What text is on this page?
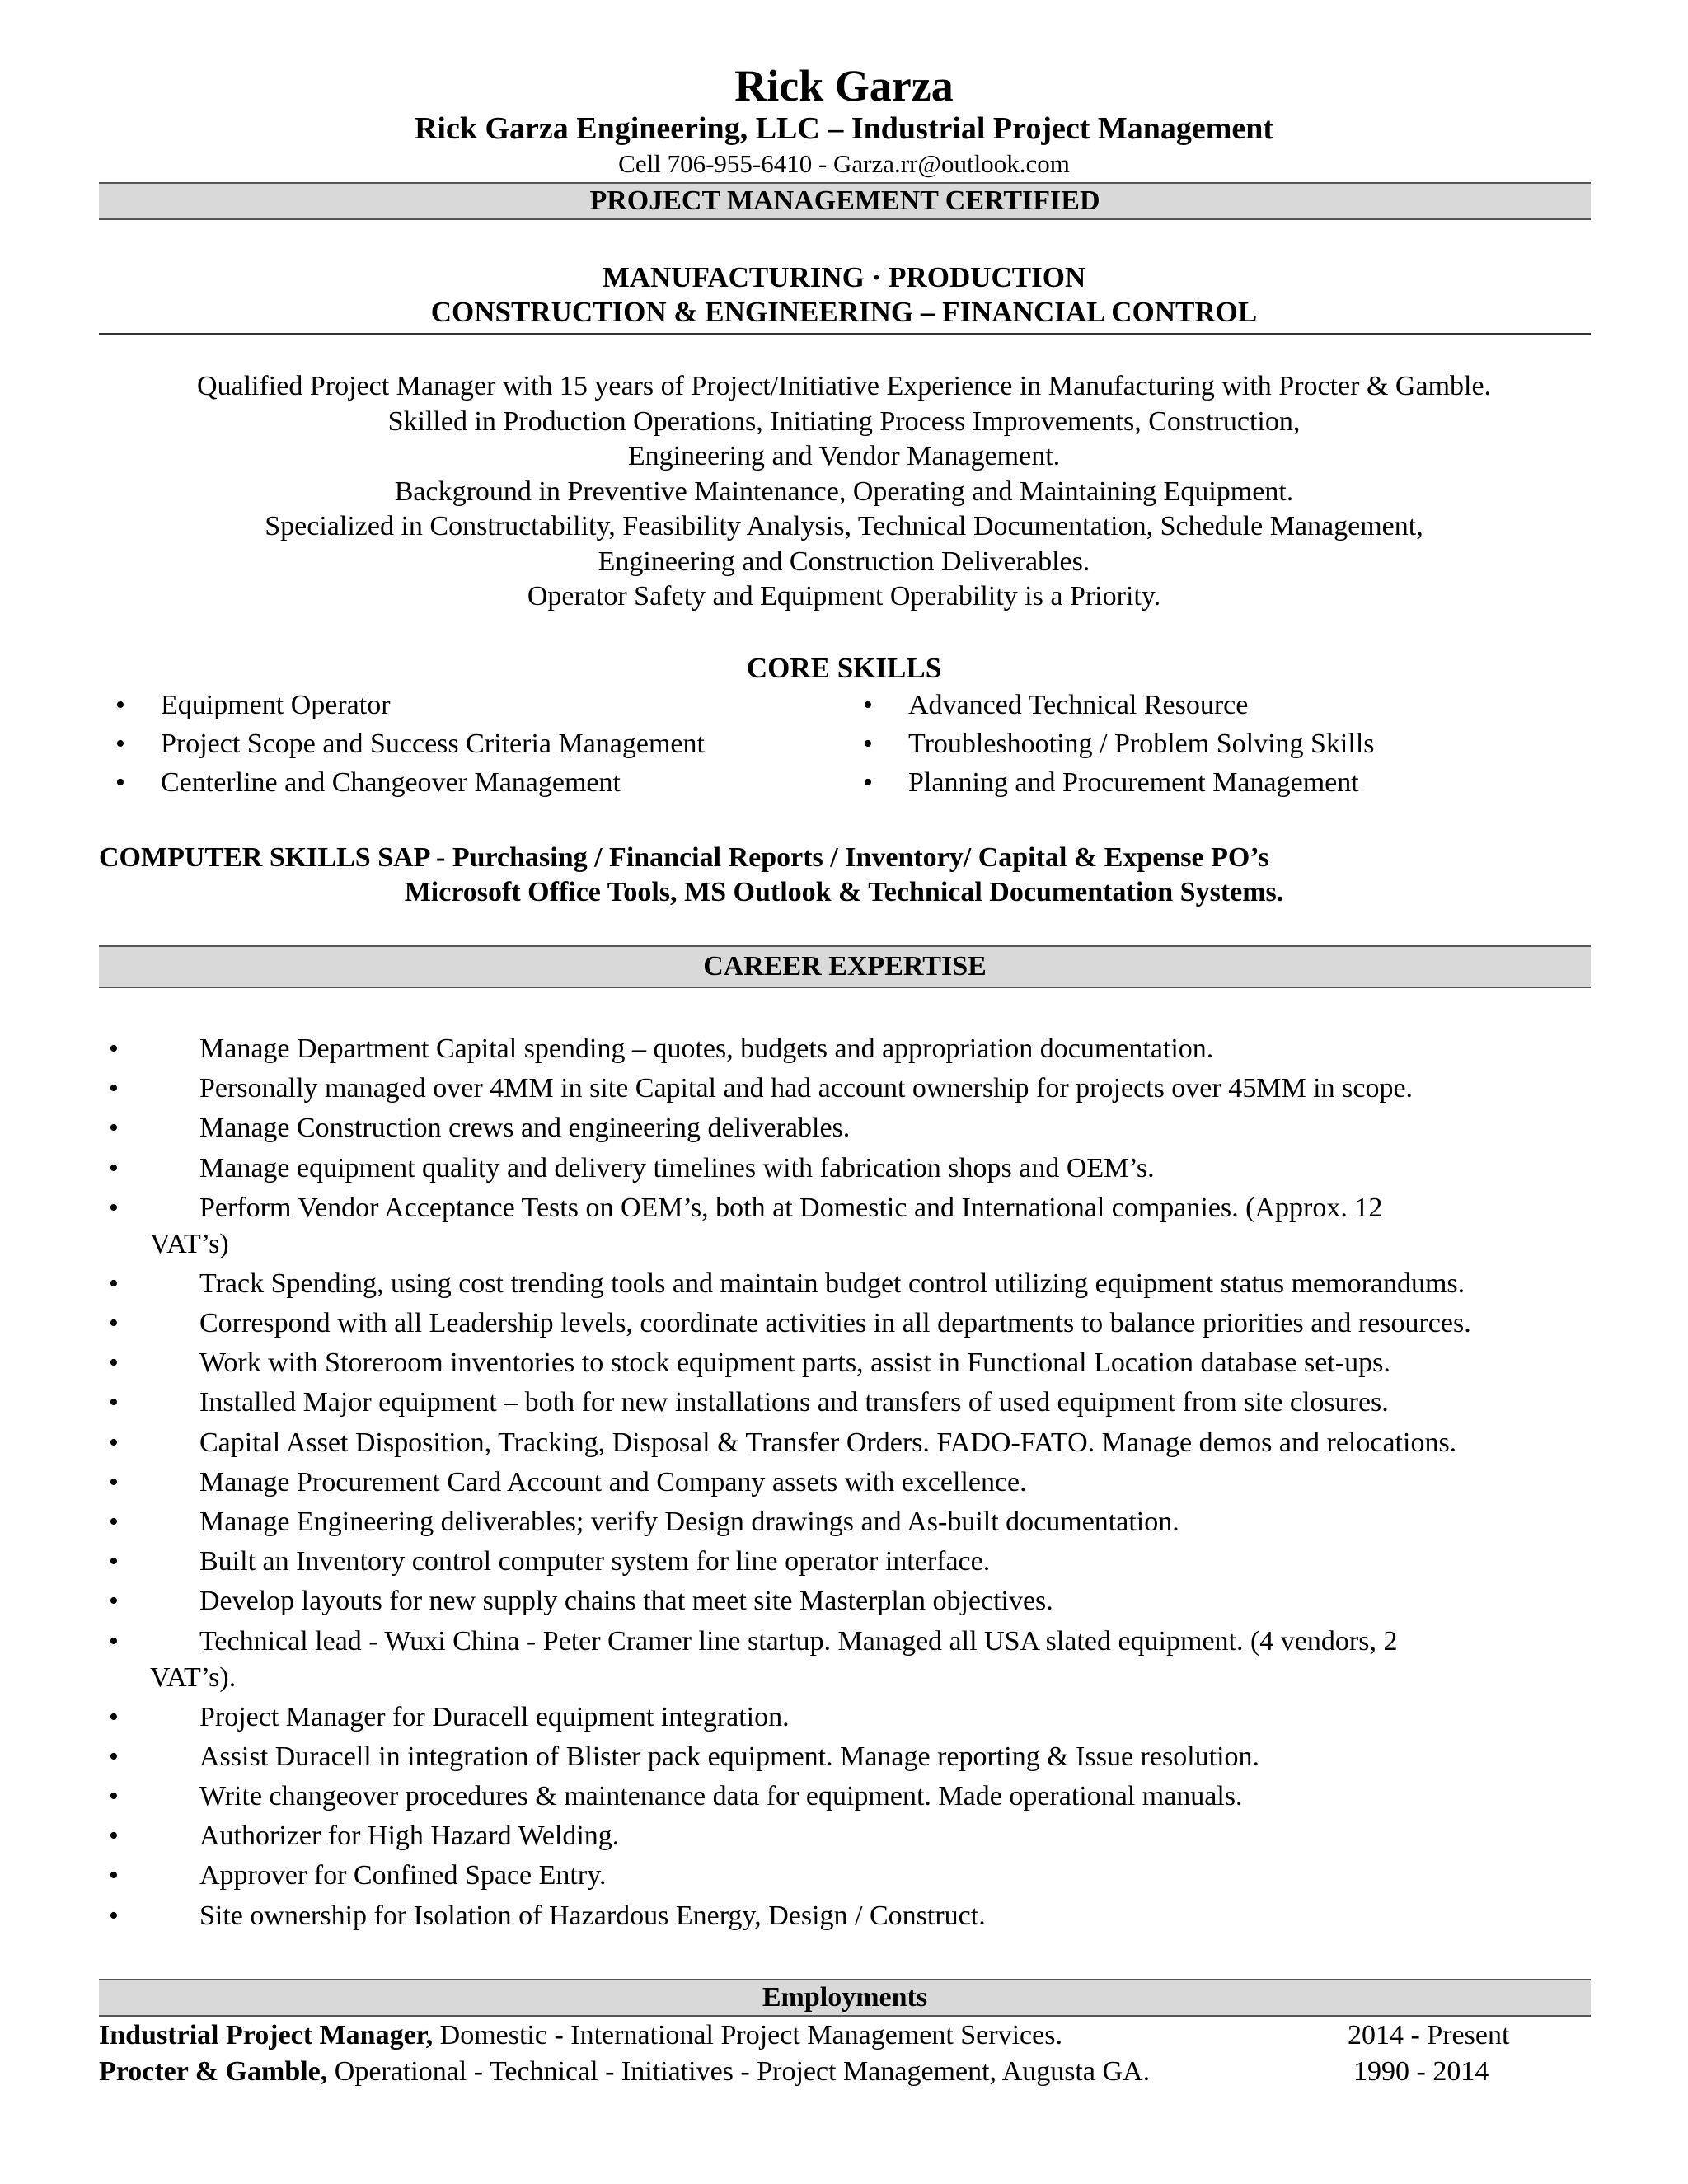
Rick Garza
Rick Garza Engineering, LLC – Industrial Project Management
Cell 706-955-6410 - Garza.rr@outlook.com
PROJECT MANAGEMENT CERTIFIED
MANUFACTURING · PRODUCTION
CONSTRUCTION & ENGINEERING – FINANCIAL CONTROL
Qualified Project Manager with 15 years of Project/Initiative Experience in Manufacturing with Procter & Gamble.
Skilled in Production Operations, Initiating Process Improvements, Construction,
Engineering and Vendor Management.
Background in Preventive Maintenance, Operating and Maintaining Equipment.
Specialized in Constructability, Feasibility Analysis, Technical Documentation, Schedule Management,
Engineering and Construction Deliverables.
Operator Safety and Equipment Operability is a Priority.
CORE SKILLS
• Equipment Operator
• Project Scope and Success Criteria Management
• Centerline and Changeover Management
• Advanced Technical Resource
• Troubleshooting / Problem Solving Skills
• Planning and Procurement Management
COMPUTER SKILLS SAP - Purchasing / Financial Reports / Inventory/ Capital & Expense PO’s
Microsoft Office Tools, MS Outlook & Technical Documentation Systems.
CAREER EXPERTISE
•	Manage Department Capital spending – quotes, budgets and appropriation documentation.
•	Personally managed over 4MM in site Capital and had account ownership for projects over 45MM in scope.
•	Manage Construction crews and engineering deliverables.
•	Manage equipment quality and delivery timelines with fabrication shops and OEM’s.
•	Perform Vendor Acceptance Tests on OEM’s, both at Domestic and International companies. (Approx. 12
VAT’s)
•	Track Spending, using cost trending tools and maintain budget control utilizing equipment status memorandums.
•	Correspond with all Leadership levels, coordinate activities in all departments to balance priorities and resources.
•	Work with Storeroom inventories to stock equipment parts, assist in Functional Location database set-ups.
•	Installed Major equipment – both for new installations and transfers of used equipment from site closures.
•	Capital Asset Disposition, Tracking, Disposal & Transfer Orders. FADO-FATO. Manage demos and relocations.
•	Manage Procurement Card Account and Company assets with excellence.
•	Manage Engineering deliverables; verify Design drawings and As-built documentation.
•	Built an Inventory control computer system for line operator interface.
•	Develop layouts for new supply chains that meet site Masterplan objectives.
•	Technical lead - Wuxi China - Peter Cramer line startup. Managed all USA slated equipment. (4 vendors, 2
VAT’s).
•	Project Manager for Duracell equipment integration.
•	Assist Duracell in integration of Blister pack equipment. Manage reporting & Issue resolution.
•	Write changeover procedures & maintenance data for equipment. Made operational manuals.
•	Authorizer for High Hazard Welding.
•	Approver for Confined Space Entry.
•	Site ownership for Isolation of Hazardous Energy, Design / Construct.
Employments
Industrial Project Manager, Domestic - International Project Management Services.	2014 - Present
Procter & Gamble, Operational - Technical - Initiatives - Project Management, Augusta GA.	1990 - 2014
